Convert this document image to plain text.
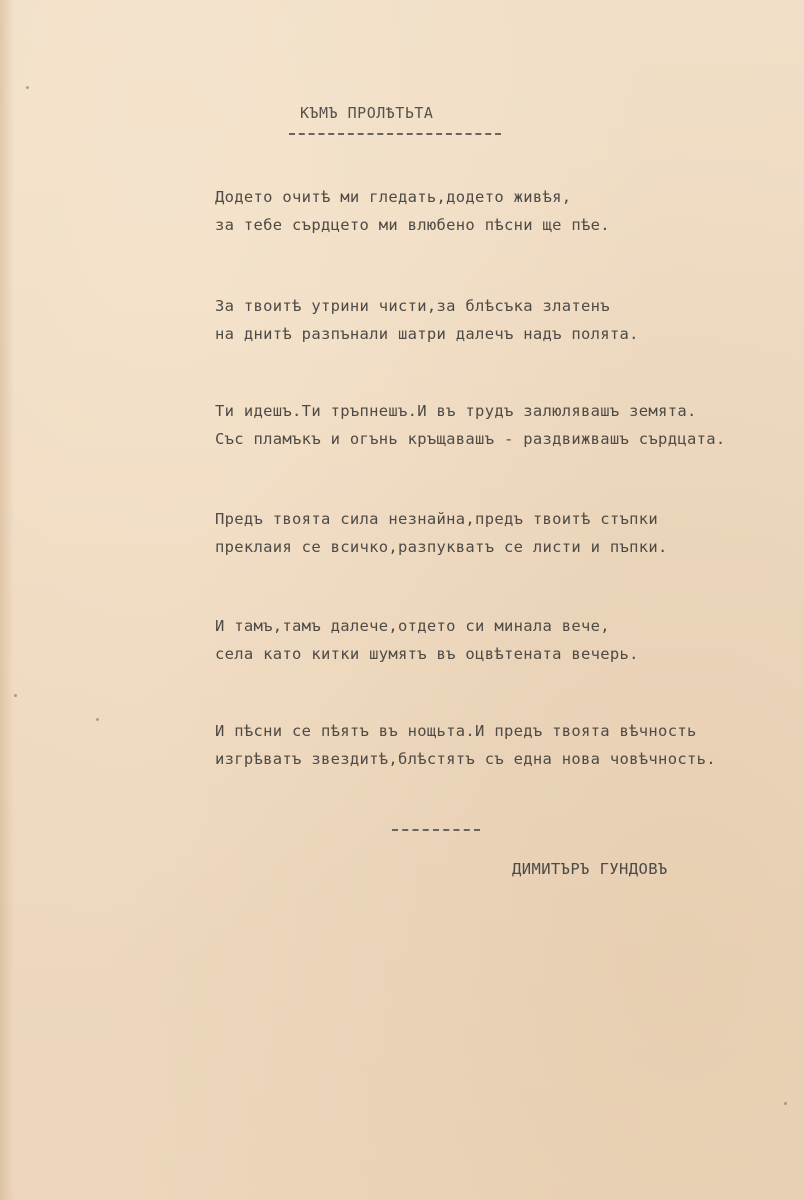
КЪМЪ ПРОЛѢТЬТА
Додето очитѣ ми гледать,додето живѣя,
за тебе сърдцето ми влюбено пѣсни ще пѣе.
За твоитѣ утрини чисти,за блѣсъка златенъ
на днитѣ разпънали шатри далечъ надъ полята.
Ти идешъ.Ти тръпнешъ.И въ трудъ залюлявашъ земята.
Със пламъкъ и огънь кръщавашъ - раздвижвашъ сърдцата.
Предъ твоята сила незнайна,предъ твоитѣ стъпки
преклаия се всичко,разпукватъ се листи и пъпки.
И тамъ,тамъ далече,отдето си минала вече,
села като китки шумятъ въ оцвѣтената вечерь.
И пѣсни се пѣятъ въ нощьта.И предъ твоята вѣчность
изгрѣватъ звездитѣ,блѣстятъ съ една нова човѣчность.
ДИМИТЪРЪ ГУНДОВЪ
